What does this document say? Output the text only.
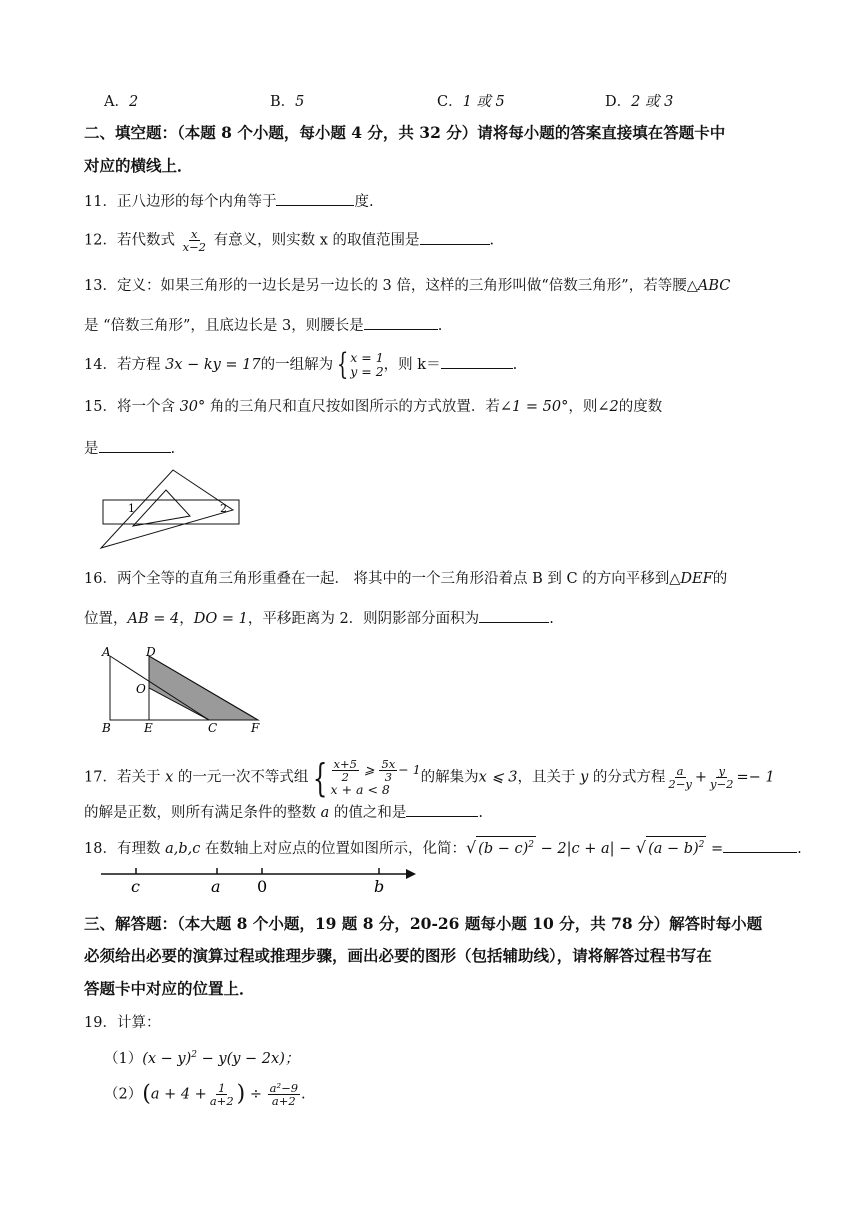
A．2	B．5	C．1 或 5	D．2 或 3
二、填空题：（本题 8 个小题，每小题 4 分，共 32 分）请将每小题的答案直接填在答题卡中
对应的横线上．
11．正八边形的每个内角等于	度.
12．若代数式 $\frac{x}{x-2}$ 有意义，则实数 x 的取值范围是	.
13．定义：如果三角形的一边长是另一边长的 3 倍，这样的三角形叫做“倍数三角形”，若等腰△ABC
是 “倍数三角形”，且底边长是 3，则腰长是	.
14．若方程 3x − ky = 17的一组解为 { x = 1
y = 2 ，则 k＝	.
15．将一个含 30° 角的三角尺和直尺按如图所示的方式放置．若∠1 = 50°，则∠2的度数
是	.
1	2
16．两个全等的直角三角形重叠在一起． 将其中的一个三角形沿着点 B 到 C 的方向平移到△DEF的
位置，AB = 4，DO = 1，平移距离为 2．则阴影部分面积为	.
A	D
O
B	E	C	F
17．若关于 x 的一元一次不等式组 { $\frac{x+5}{2}$ ⩾ $\frac{5x}{3} - 1$
x + a < 8
的解集为x ⩽ 3，且关于 y 的分式方程 $\frac{a}{2-y} + \frac{y}{y-2} =- 1$
的解是正数，则所有满足条件的整数 a 的值之和是	.
18．有理数 a,b,c 在数轴上对应点的位置如图所示，化简：√ $(b - c)^2 - 2|c + a|$ − √ $(a - b)^2$ =	.
c	a 0	b
三、解答题：（本大题 8 个小题，19 题 8 分，20-26 题每小题 10 分，共 78 分）解答时每小题
必须给出必要的演算过程或推理步骤，画出必要的图形（包括辅助线），请将解答过程书写在
答题卡中对应的位置上．
19．计算：
$(1)(x - y)^2 - y(y - 2x)$；
$(2)(a + 4 + \frac{1}{a+2}$ ) ÷ $\frac{\text{a²−9}}{a+2}$ .
